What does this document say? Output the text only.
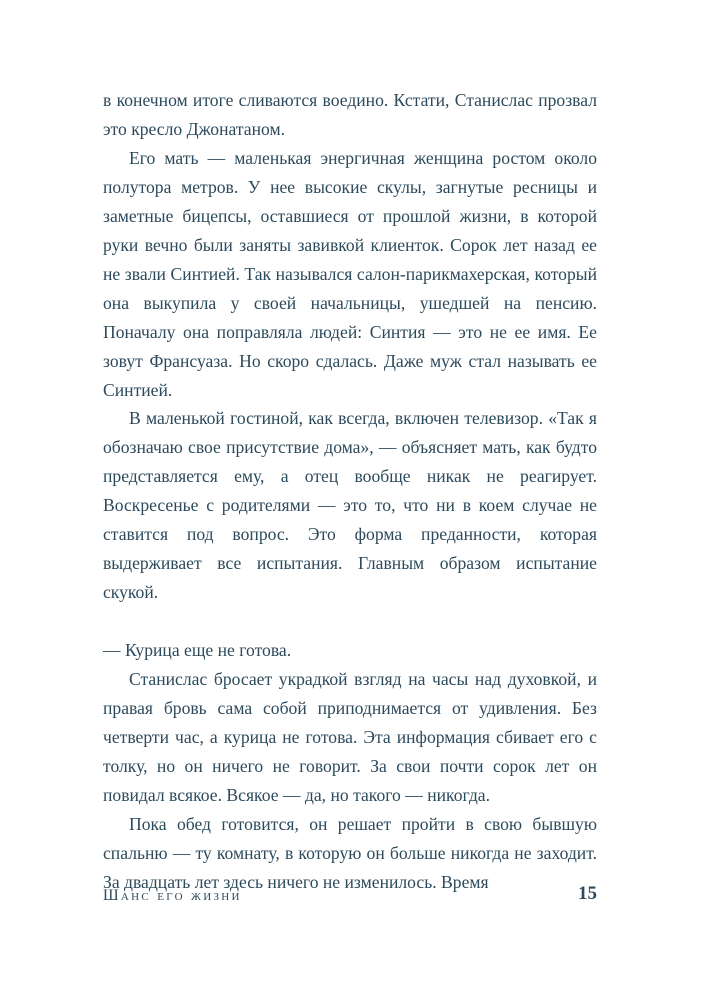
в конечном итоге сливаются воедино. Кстати, Станислас прозвал это кресло Джонатаном.

Его мать — маленькая энергичная женщина ростом около полутора метров. У нее высокие скулы, загнутые ресницы и заметные бицепсы, оставшиеся от прошлой жизни, в которой руки вечно были заняты завивкой клиенток. Сорок лет назад ее не звали Синтией. Так назывался салон-парикмахерская, который она выкупила у своей начальницы, ушедшей на пенсию. Поначалу она поправляла людей: Синтия — это не ее имя. Ее зовут Франсуаза. Но скоро сдалась. Даже муж стал называть ее Синтией.

В маленькой гостиной, как всегда, включен телевизор. «Так я обозначаю свое присутствие дома», — объясняет мать, как будто представляется ему, а отец вообще никак не реагирует. Воскресенье с родителями — это то, что ни в коем случае не ставится под вопрос. Это форма преданности, которая выдерживает все испытания. Главным образом испытание скукой.

— Курица еще не готова.

Станислас бросает украдкой взгляд на часы над духовкой, и правая бровь сама собой приподнимается от удивления. Без четверти час, а курица не готова. Эта информация сбивает его с толку, но он ничего не говорит. За свои почти сорок лет он повидал всякое. Всякое — да, но такого — никогда.

Пока обед готовится, он решает пройти в свою бывшую спальню — ту комнату, в которую он больше никогда не заходит. За двадцать лет здесь ничего не изменилось. Время

Шанс его жизни	15
